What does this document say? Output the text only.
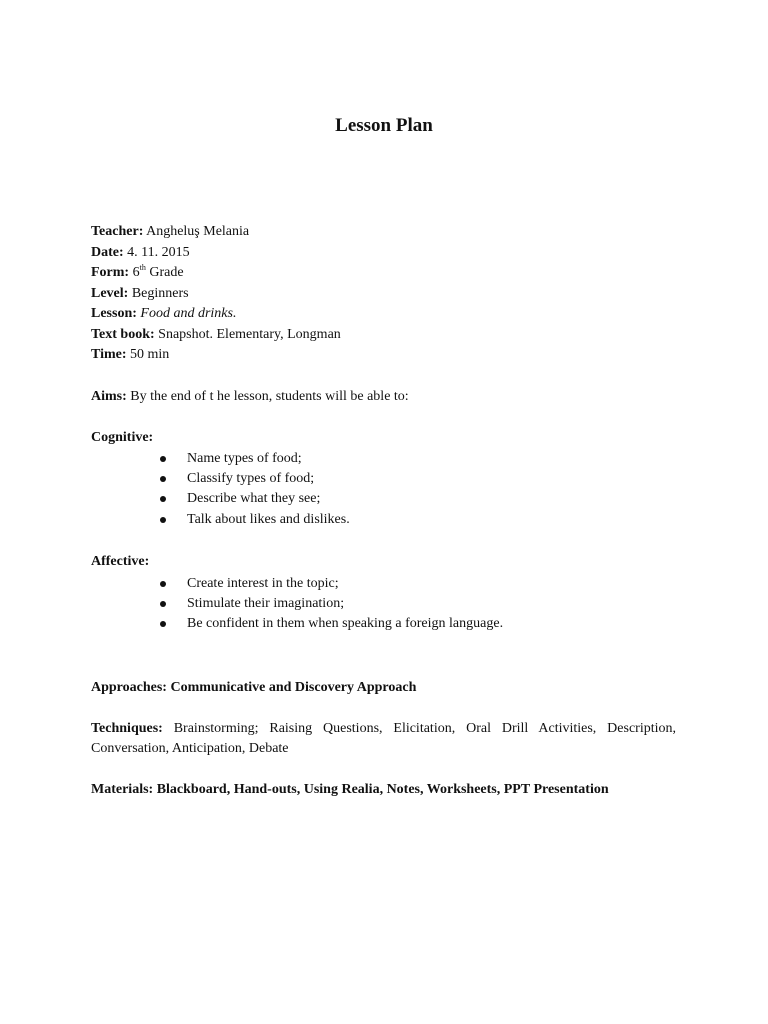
Lesson Plan
Teacher: Angheluş Melania
Date: 4. 11. 2015
Form: 6th Grade
Level: Beginners
Lesson: Food and drinks.
Text book: Snapshot. Elementary, Longman
Time: 50 min
Aims: By the end of t he lesson, students will be able to:
Cognitive:
Name types of food;
Classify types of food;
Describe what they see;
Talk about likes and dislikes.
Affective:
Create interest in the topic;
Stimulate their imagination;
Be confident in them when speaking a foreign language.
Approaches: Communicative and Discovery Approach
Techniques: Brainstorming; Raising Questions, Elicitation, Oral Drill Activities, Description,
Conversation, Anticipation, Debate
Materials: Blackboard, Hand-outs, Using Realia, Notes, Worksheets, PPT Presentation
